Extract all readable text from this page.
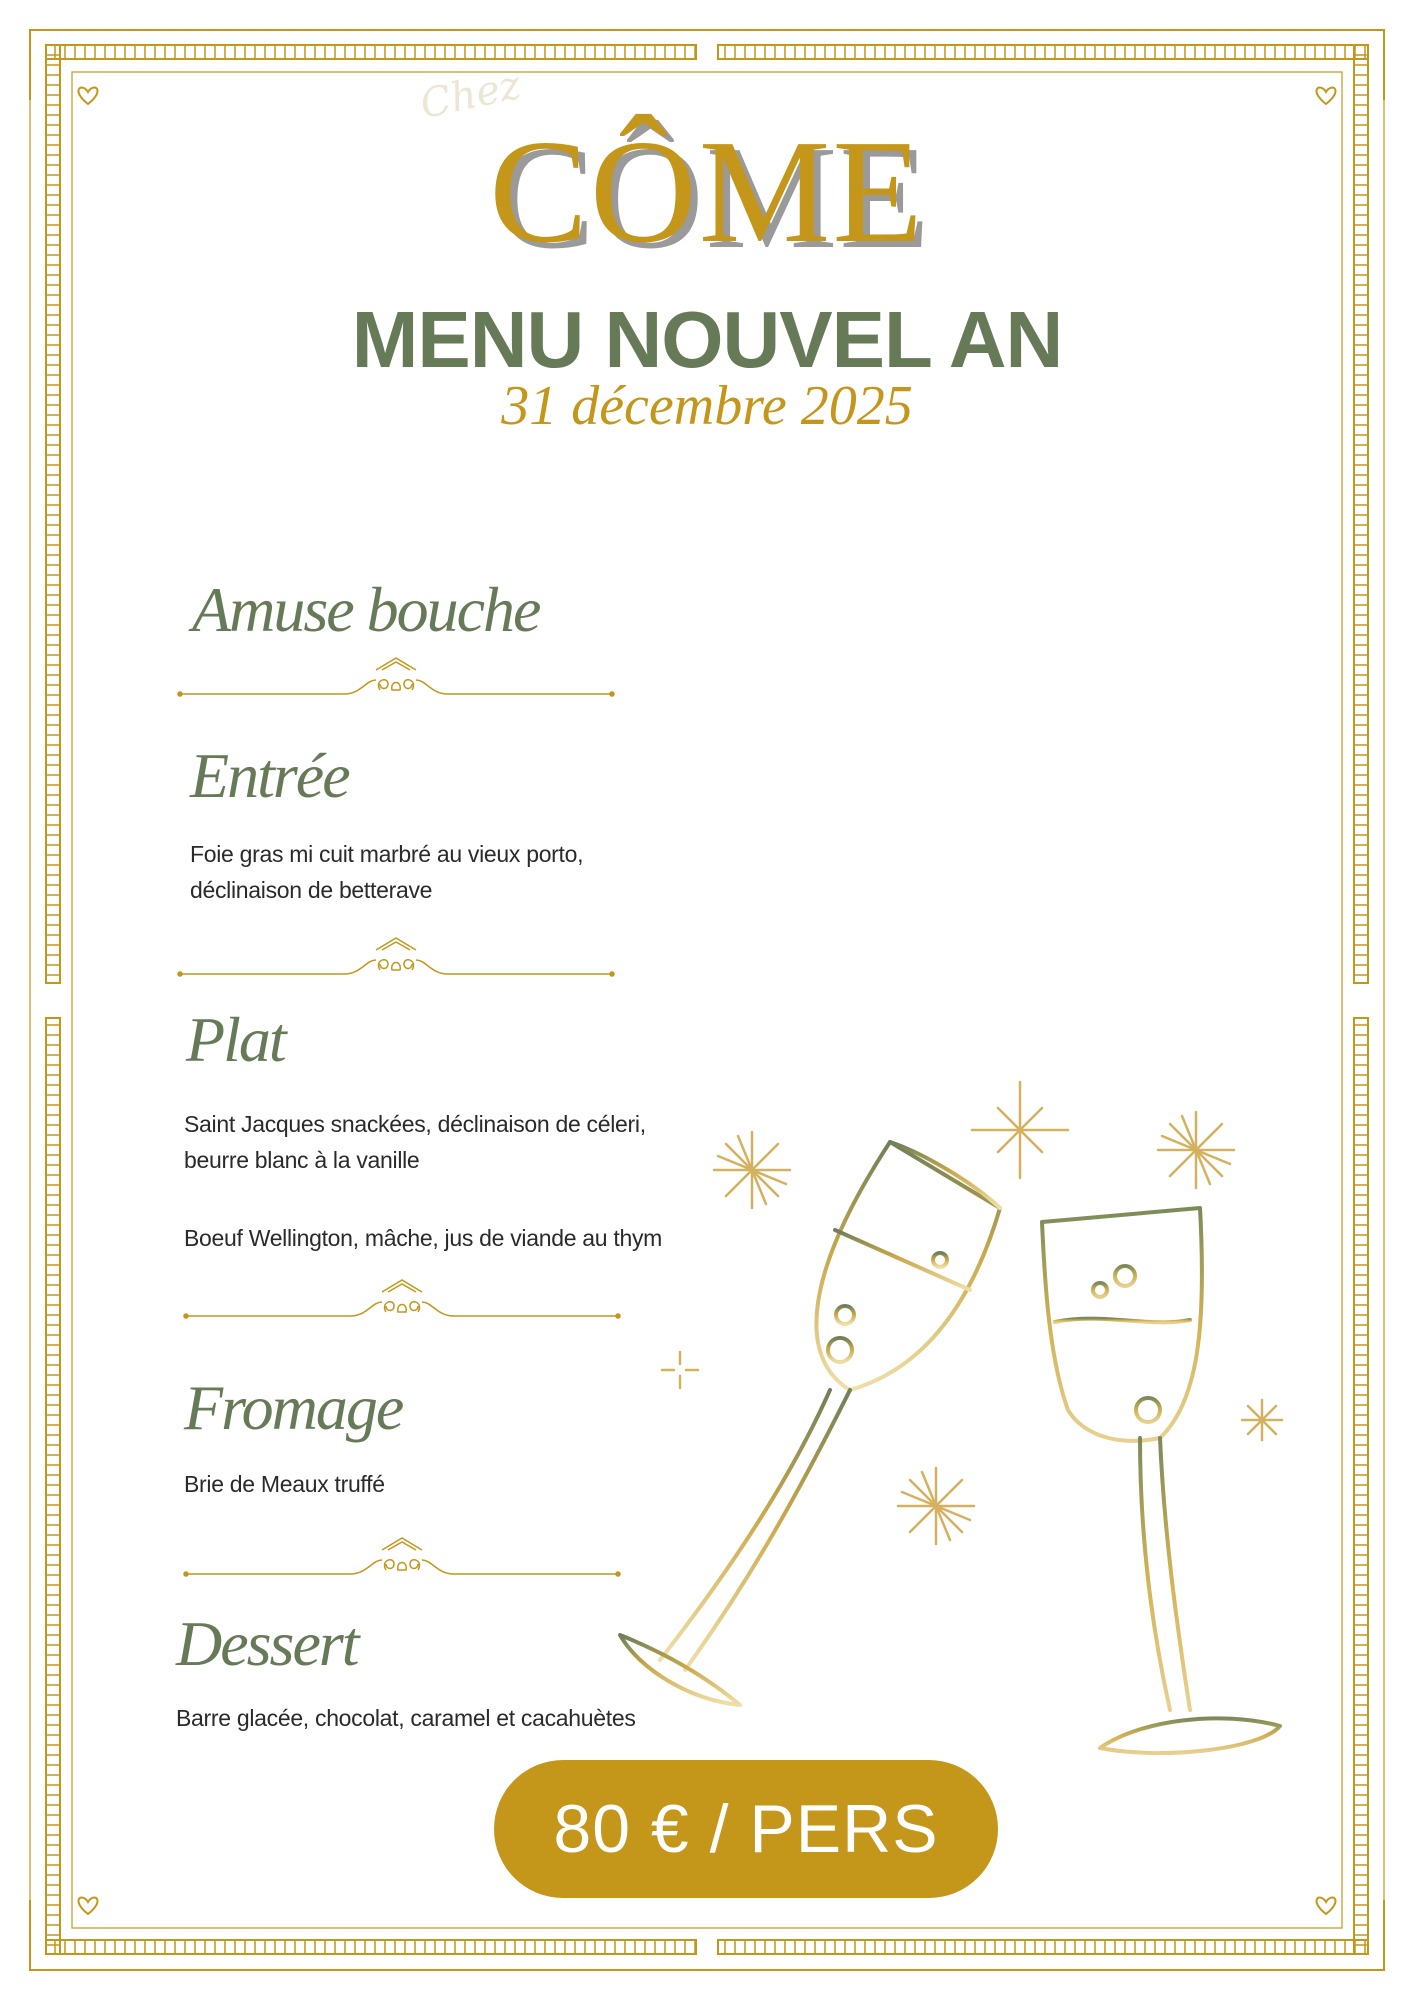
Chez
CÔME
MENU NOUVEL AN
31 décembre 2025
Amuse bouche
Entrée
Foie gras mi cuit marbré au vieux porto,
déclinaison de betterave
Plat
Saint Jacques snackées, déclinaison de céleri,
beurre blanc à la vanille
Boeuf Wellington, mâche, jus de viande au thym
Fromage
Brie de Meaux truffé
Dessert
Barre glacée, chocolat, caramel et cacahuètes
80 € / PERS
